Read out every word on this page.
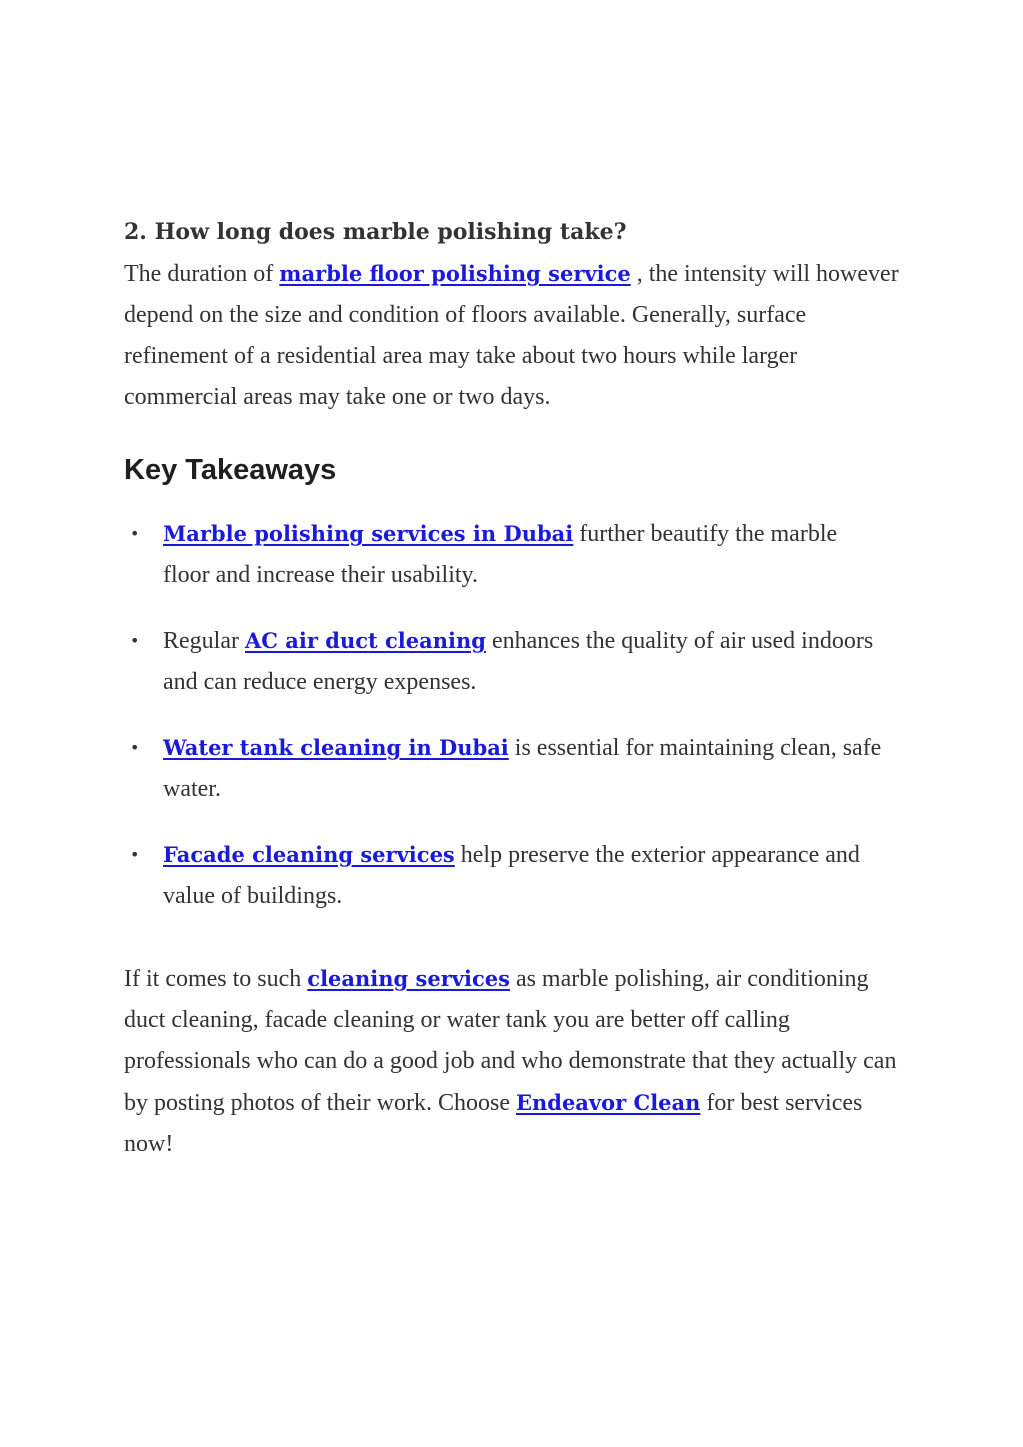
2. How long does marble polishing take?

The duration of marble floor polishing service , the intensity will however depend on the size and condition of floors available. Generally, surface refinement of a residential area may take about two hours while larger commercial areas may take one or two days.

Key Takeaways
• Marble polishing services in Dubai further beautify the marble floor and increase their usability.

• Regular AC air duct cleaning enhances the quality of air used indoors and can reduce energy expenses.

• Water tank cleaning in Dubai is essential for maintaining clean, safe water.

• Facade cleaning services help preserve the exterior appearance and value of buildings.

If it comes to such cleaning services as marble polishing, air conditioning duct cleaning, facade cleaning or water tank you are better off calling professionals who can do a good job and who demonstrate that they actually can by posting photos of their work. Choose Endeavor Clean for best services now!
